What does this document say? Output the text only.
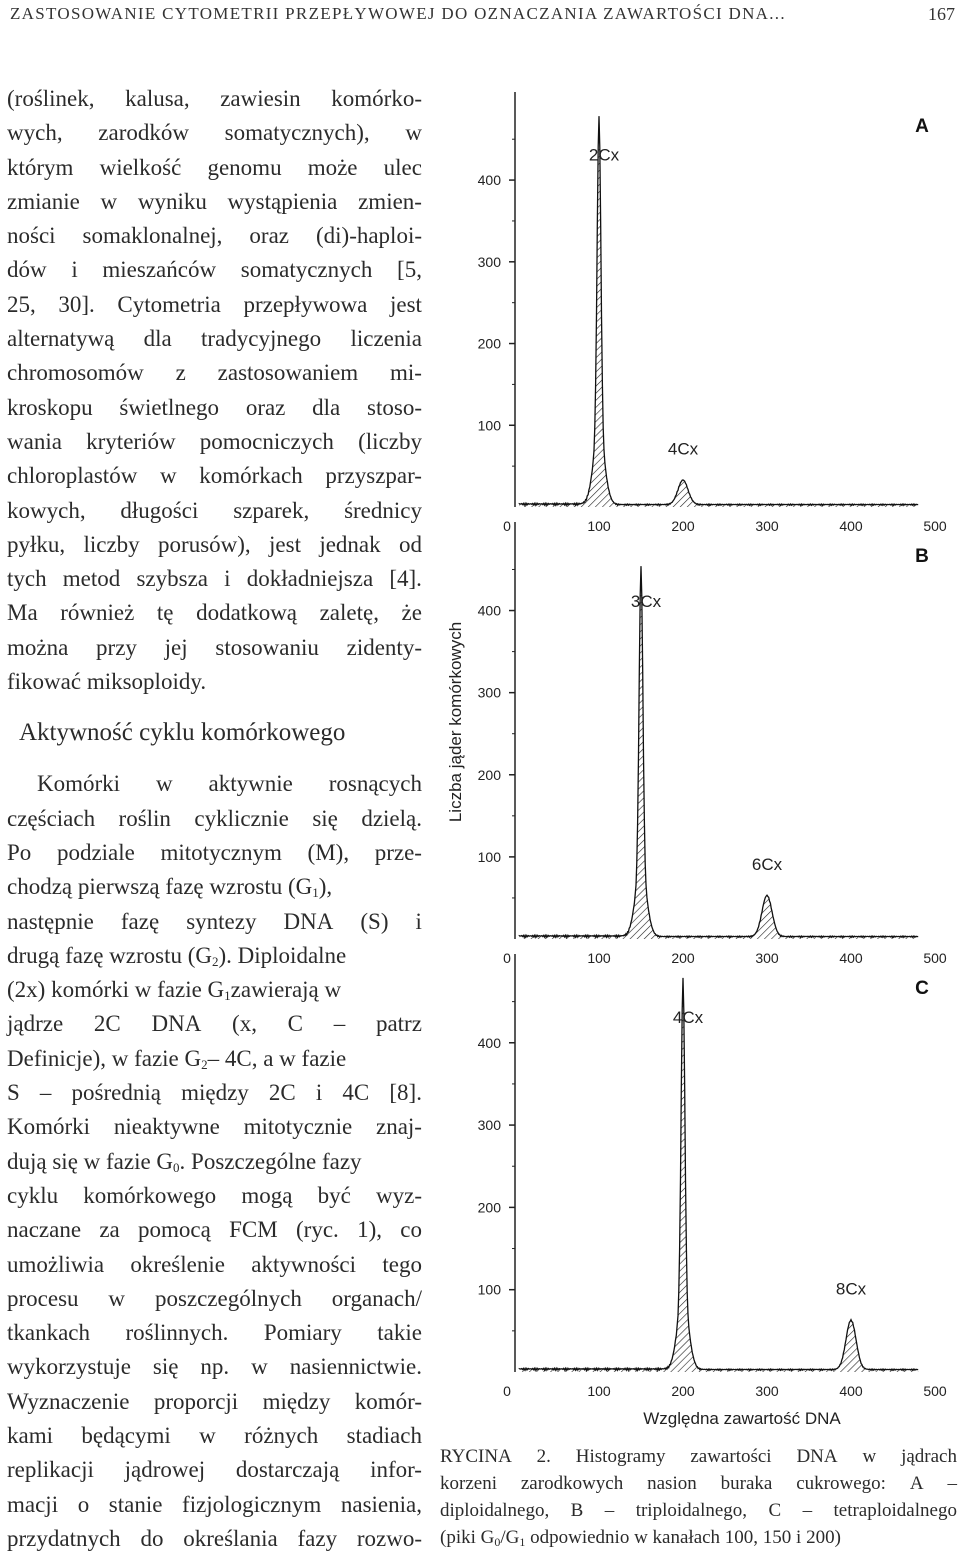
ZASTOSOWANIE CYTOMETRII PRZEPŁYWOWEJ DO OZNACZANIA ZAWARTOŚCI DNA...	167
(roślinek, kalusa, zawiesin komórko-
wych, zarodków somatycznych), w
którym wielkość genomu może ulec
zmianie w wyniku wystąpienia zmien-
ności somaklonalnej, oraz (di)-haploi-
dów i mieszańców somatycznych [5,
25, 30]. Cytometria przepływowa jest
alternatywą dla tradycyjnego liczenia
chromosomów z zastosowaniem mi-
kroskopu świetlnego oraz dla stoso-
wania kryteriów pomocniczych (liczby
chloroplastów w komórkach przyszpar-
kowych, długości szparek, średnicy
pyłku, liczby porusów), jest jednak od
tych metod szybsza i dokładniejsza [4].
Ma również tę dodatkową zaletę, że
można przy jej stosowaniu zidenty-
fikować miksoploidy.
Aktywność cyklu komórkowego
Komórki w aktywnie rosnących
częściach roślin cyklicznie się dzielą.
Po podziale mitotycznym (M), prze-
chodzą pierwszą fazę wzrostu $(G_1)$,
następnie fazę syntezy DNA (S) i
drugą fazę wzrostu $(G_2)$. Diploidalne
(2x) komórki w fazie $G_1zawierają$ w
jądrze 2C DNA (x, C – patrz
Definicje), w fazie $G_2-$ 4C, a w fazie
S – pośrednią między 2C i 4C [8].
Komórki nieaktywne mitotycznie znaj-
dują się w fazie $G_0$. Poszczególne fazy
cyklu komórkowego mogą być wyz-
naczane za pomocą FCM (ryc. 1), co
umożliwia określenie aktywności tego
procesu w poszczególnych organach/
tkankach roślinnych. Pomiary takie
wykorzystuje się np. w nasiennictwie.
Wyznaczenie proporcji między komór-
kami będącymi w różnych stadiach
replikacji jądrowej dostarczają infor-
macji o stanie fizjologicznym nasienia,
przydatnych do określania fazy rozwo-
Liczba jąder komórkowych
Względna zawartość DNA
100
200
300
400
0	100	200	300	400	500
2Cx
4Cx
A
100
200
300
400
0	100	200	300	400	500
3Cx
6Cx
B
100
200
300
400
0	100	200	300	400	500
4Cx
8Cx
C
RYCINA 2. Histogramy zawartości DNA w jądrach
korzeni zarodkowych nasion buraka cukrowego: A –
diploidalnego, B – triploidalnego, C – tetraploidalnego
(piki $G_0/G_1$ odpowiednio w kanałach 100, 150 i 200)
